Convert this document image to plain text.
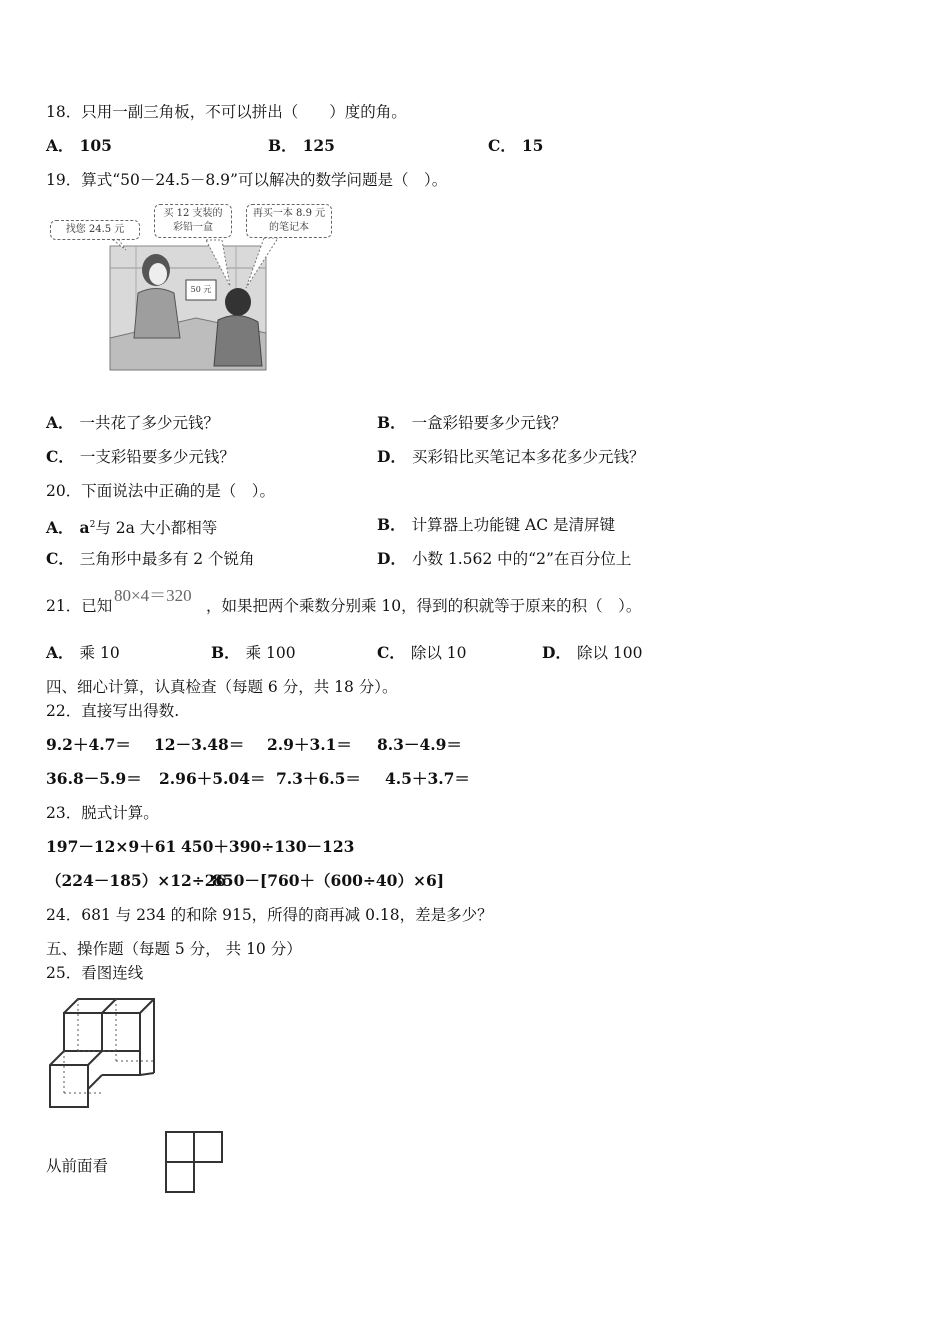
18．只用一副三角板，不可以拼出（　　）度的角。
A． 105	B． 125	C． 15
19．算式“50－24.5－8.9”可以解决的数学问题是（　）。
找您 24.5 元
买 12 支装的彩铅一盒
再买一本 8.9 元的笔记本
50 元
A． 一共花了多少元钱？	B． 一盒彩铅要多少元钱？
C． 一支彩铅要多少元钱？	D． 买彩铅比买笔记本多花多少元钱？
20．下面说法中正确的是（　）。
A． $a^2$与 2a 大小都相等	B． 计算器上功能键 AC 是清屏键
C． 三角形中最多有 2 个锐角	D． 小数 1.562 中的“2”在百分位上
21．已知
80×4＝320
，如果把两个乘数分别乘 10，得到的积就等于原来的积（　）。
A． 乘 10	B． 乘 100	C． 除以 10	D． 除以 100
四、细心计算，认真检查（每题 6 分，共 18 分）。
22．直接写出得数.
9.2＋4.7＝ 12－3.48＝ 2.9＋3.1＝ 8.3－4.9＝
36.8－5.9＝ 2.96＋5.04＝ 7.3＋6.5＝ 4.5＋3.7＝
23．脱式计算。
197－12×9＋61 450＋390÷130－123
（224－185）×12÷26
850－[760＋（600÷40）×6]
24．681 与 234 的和除 915，所得的商再减 0.18，差是多少？
五、操作题（每题 5 分， 共 10 分）
25．看图连线
从前面看
